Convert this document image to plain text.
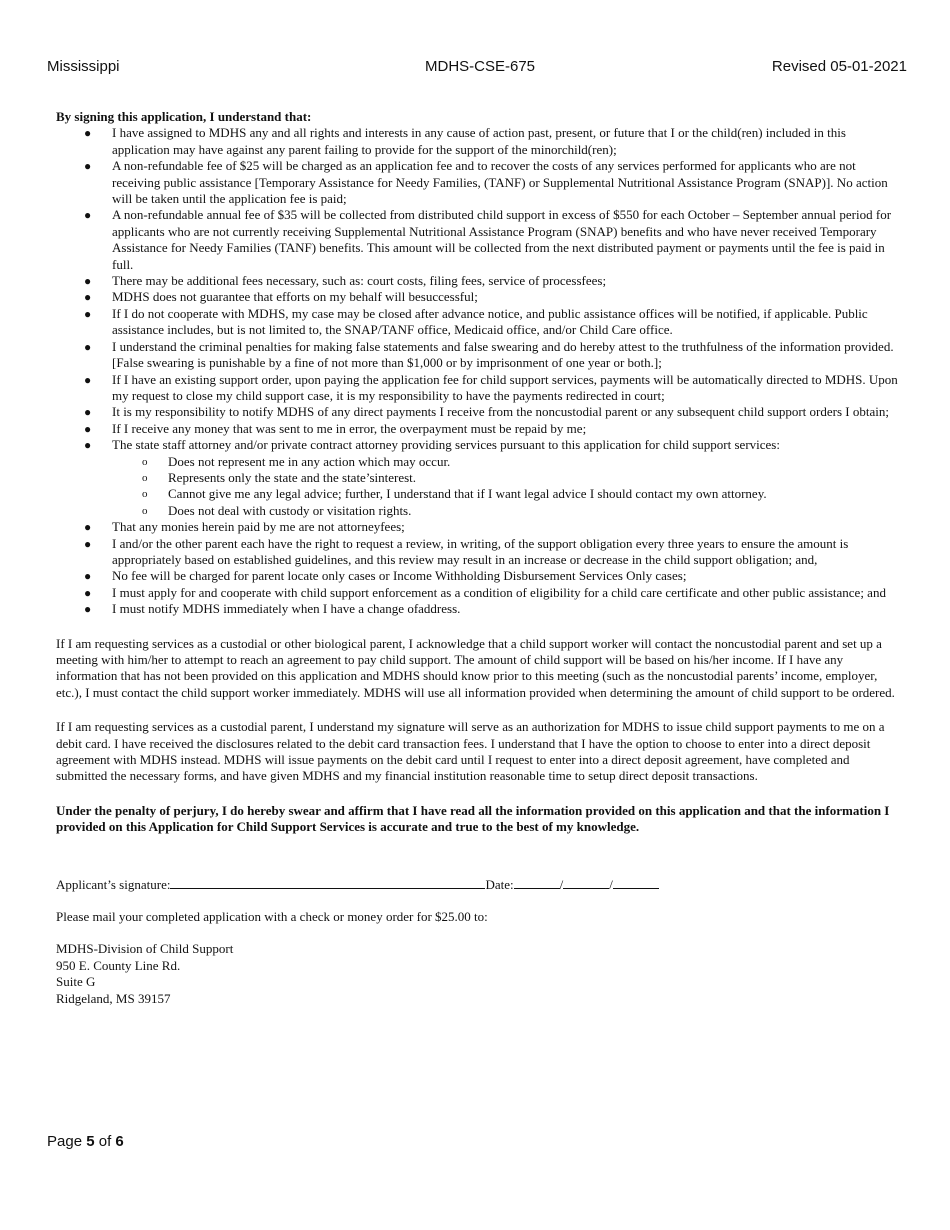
Mississippi	MDHS-CSE-675	Revised 05-01-2021

By signing this application, I understand that:

● I have assigned to MDHS any and all rights and interests in any cause of action past, present, or future that I or the child(ren) included in this application may have against any parent failing to provide for the support of the minorchild(ren);
● A non-refundable fee of $25 will be charged as an application fee and to recover the costs of any services performed for applicants who are not receiving public assistance [Temporary Assistance for Needy Families, (TANF) or Supplemental Nutritional Assistance Program (SNAP)]. No action will be taken until the application fee is paid;
● A non-refundable annual fee of $35 will be collected from distributed child support in excess of $550 for each October – September annual period for applicants who are not currently receiving Supplemental Nutritional Assistance Program (SNAP) benefits and who have never received Temporary Assistance for Needy Families (TANF) benefits. This amount will be collected from the next distributed payment or payments until the fee is paid in full.
● There may be additional fees necessary, such as: court costs, filing fees, service of processfees;
● MDHS does not guarantee that efforts on my behalf will besuccessful;
● If I do not cooperate with MDHS, my case may be closed after advance notice, and public assistance offices will be notified, if applicable. Public assistance includes, but is not limited to, the SNAP/TANF office, Medicaid office, and/or Child Care office.
● I understand the criminal penalties for making false statements and false swearing and do hereby attest to the truthfulness of the information provided. [False swearing is punishable by a fine of not more than $1,000 or by imprisonment of one year or both.];
● If I have an existing support order, upon paying the application fee for child support services, payments will be automatically directed to MDHS. Upon my request to close my child support case, it is my responsibility to have the payments redirected in court;
● It is my responsibility to notify MDHS of any direct payments I receive from the noncustodial parent or any subsequent child support orders I obtain;
● If I receive any money that was sent to me in error, the overpayment must be repaid by me;
● The state staff attorney and/or private contract attorney providing services pursuant to this application for child support services:
o Does not represent me in any action which may occur.
o Represents only the state and the state’sinterest.
o Cannot give me any legal advice; further, I understand that if I want legal advice I should contact my own attorney.
o Does not deal with custody or visitation rights.
● That any monies herein paid by me are not attorneyfees;
● I and/or the other parent each have the right to request a review, in writing, of the support obligation every three years to ensure the amount is appropriately based on established guidelines, and this review may result in an increase or decrease in the child support obligation; and,
● No fee will be charged for parent locate only cases or Income Withholding Disbursement Services Only cases;
● I must apply for and cooperate with child support enforcement as a condition of eligibility for a child care certificate and other public assistance; and
● I must notify MDHS immediately when I have a change ofaddress.

If I am requesting services as a custodial or other biological parent, I acknowledge that a child support worker will contact the noncustodial parent and set up a meeting with him/her to attempt to reach an agreement to pay child support. The amount of child support will be based on his/her income. If I have any information that has not been provided on this application and MDHS should know prior to this meeting (such as the noncustodial parents’ income, employer, etc.), I must contact the child support worker immediately. MDHS will use all information provided when determining the amount of child support to be ordered.

If I am requesting services as a custodial parent, I understand my signature will serve as an authorization for MDHS to issue child support payments to me on a debit card. I have received the disclosures related to the debit card transaction fees. I understand that I have the option to choose to enter into a direct deposit agreement with MDHS instead. MDHS will issue payments on the debit card until I request to enter into a direct deposit agreement, have completed and submitted the necessary forms, and have given MDHS and my financial institution reasonable time to setup direct deposit transactions.

Under the penalty of perjury, I do hereby swear and affirm that I have read all the information provided on this application and that the information I provided on this Application for Child Support Services is accurate and true to the best of my knowledge.

Applicant’s signature:	Date:	/	/
Please mail your completed application with a check or money order for $25.00 to:
MDHS-Division of Child Support
950 E. County Line Rd.
Suite G
Ridgeland, MS 39157
Page 5 of 6
